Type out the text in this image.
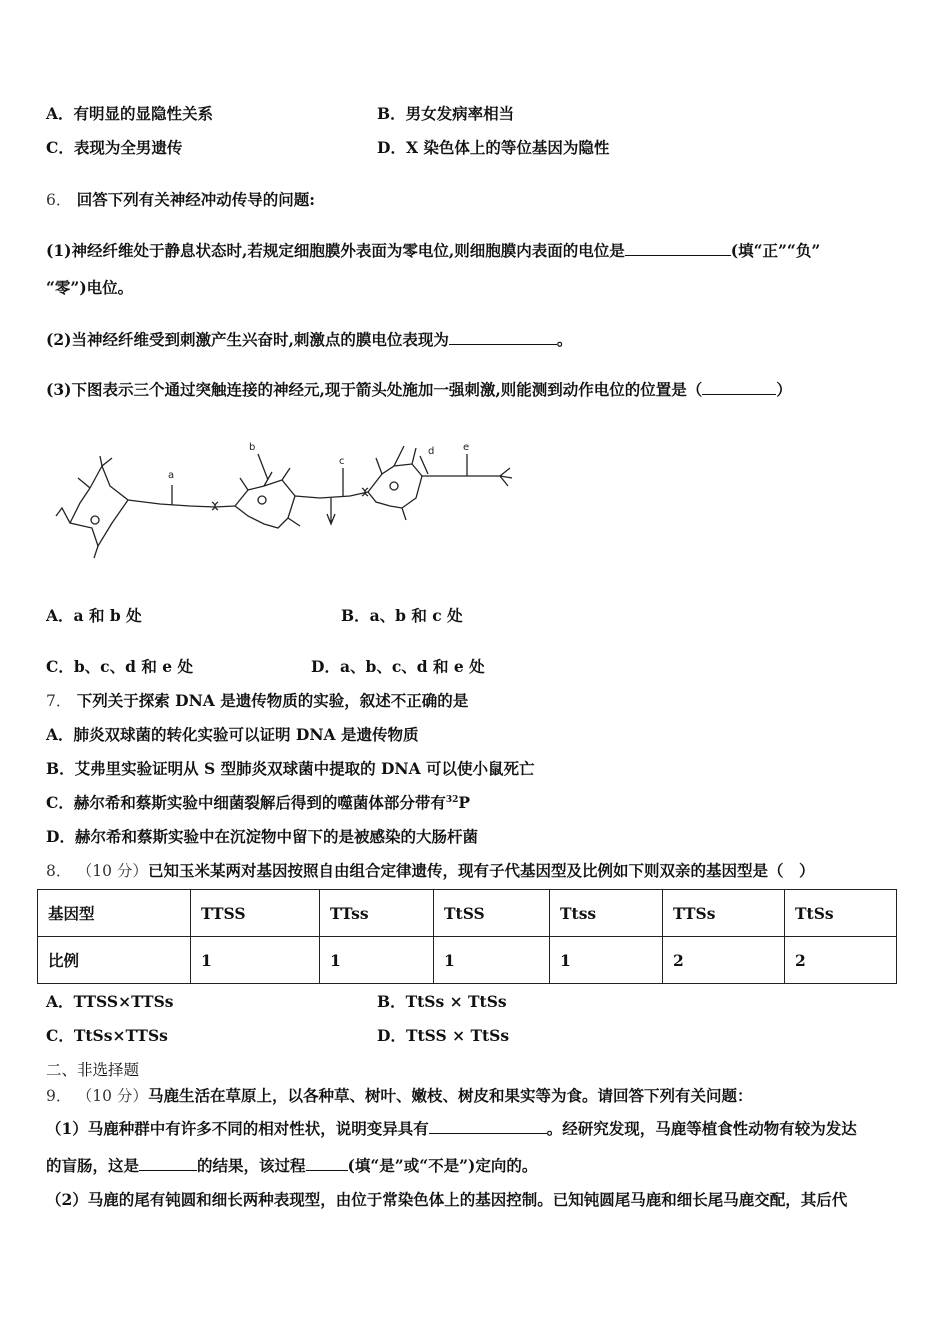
A．有明显的显隐性关系	B．男女发病率相当
C．表现为全男遗传	D．X 染色体上的等位基因为隐性
6． 回答下列有关神经冲动传导的问题:
(1)神经纤维处于静息状态时,若规定细胞膜外表面为零电位,则细胞膜内表面的电位是	(填“正”“负”
“零”)电位。
(2)当神经纤维受到刺激产生兴奋时,刺激点的膜电位表现为	。
(3)下图表示三个通过突触连接的神经元,现于箭头处施加一强刺激,则能测到动作电位的位置是（	）
a
b
c
d	e
A．a 和 b 处	B．a、b 和 c 处
C．b、c、d 和 e 处	D．a、b、c、d 和 e 处
7． 下列关于探索 DNA 是遗传物质的实验，叙述不正确的是
A．肺炎双球菌的转化实验可以证明 DNA 是遗传物质
B．艾弗里实验证明从 S 型肺炎双球菌中提取的 DNA 可以使小鼠死亡
C．赫尔希和蔡斯实验中细菌裂解后得到的噬菌体部分带有$^{32}$P
D．赫尔希和蔡斯实验中在沉淀物中留下的是被感染的大肠杆菌
8． （10 分）已知玉米某两对基因按照自由组合定律遗传，现有子代基因型及比例如下则双亲的基因型是（　）
基因型	TTSS	TTss	TtSS	Ttss	TTSs	TtSs
比例	1	1	1	1	2	2
A．TTSS×TTSs	B．TtSs × TtSs
C．TtSs×TTSs	D．TtSS × TtSs
二、非选择题
9． （10 分）马鹿生活在草原上，以各种草、树叶、嫩枝、树皮和果实等为食。请回答下列有关问题：
（1）马鹿种群中有许多不同的相对性状，说明变异具有	。经研究发现，马鹿等植食性动物有较为发达
的盲肠，这是	的结果，该过程	(填“是”或“不是”)定向的。
（2）马鹿的尾有钝圆和细长两种表现型，由位于常染色体上的基因控制。已知钝圆尾马鹿和细长尾马鹿交配，其后代
